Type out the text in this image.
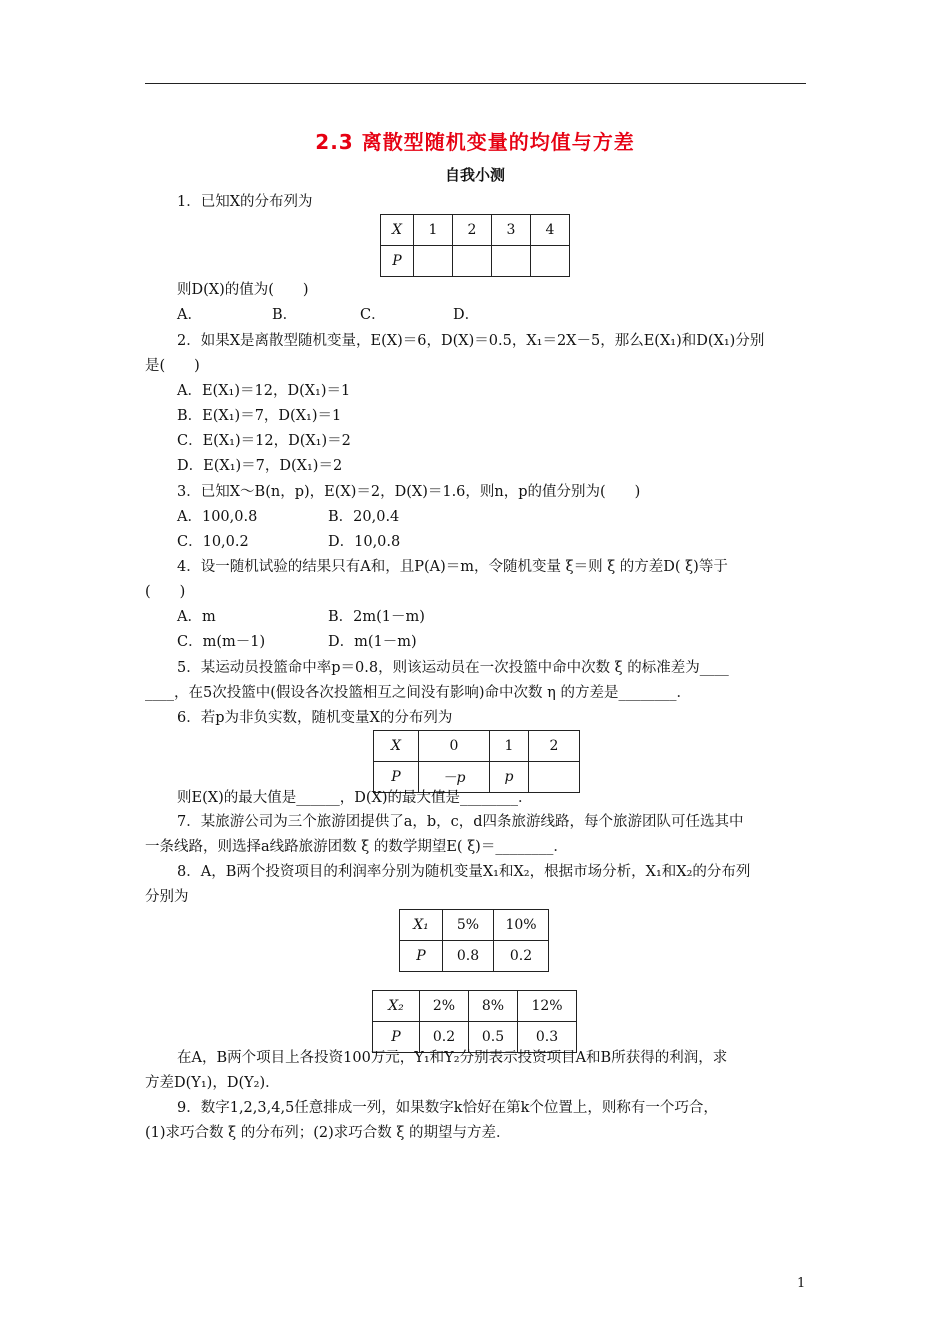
2.3 离散型随机变量的均值与方差
自我小测
1．已知X的分布列为
X	1	2	3	4
P				
则D(X)的值为(　　)
A．	B．	C．	D．
2．如果X是离散型随机变量，E(X)＝6，D(X)＝0.5，X₁＝2X－5，那么E(X₁)和D(X₁)分别
是(　　)
A．E(X₁)＝12，D(X₁)＝1
B．E(X₁)＝7，D(X₁)＝1
C．E(X₁)＝12，D(X₁)＝2
D．E(X₁)＝7，D(X₁)＝2
3．已知X～B(n，p)，E(X)＝2，D(X)＝1.6，则n，p的值分别为(　　)
A．100,0.8	B．20,0.4
C．10,0.2	D．10,0.8
4．设一随机试验的结果只有A和，且P(A)＝m，令随机变量 ξ＝则 ξ 的方差D( ξ)等于
(　　)
A．m	B．2m(1－m)
C．m(m－1)	D．m(1－m)
5．某运动员投篮命中率p＝0.8，则该运动员在一次投篮中命中次数 ξ 的标准差为____
____，在5次投篮中(假设各次投篮相互之间没有影响)命中次数 η 的方差是________．
6．若p为非负实数，随机变量X的分布列为
X	0	1	2
P	－p	p	
则E(X)的最大值是______，D(X)的最大值是________．
7．某旅游公司为三个旅游团提供了a，b，c，d四条旅游线路，每个旅游团队可任选其中
一条线路，则选择a线路旅游团数 ξ 的数学期望E( ξ)＝________．
8．A，B两个投资项目的利润率分别为随机变量X₁和X₂，根据市场分析，X₁和X₂的分布列
分别为
X₁	5%	10%
P	0.8	0.2
X₂	2%	8%	12%
P	0.2	0.5	0.3
在A，B两个项目上各投资100万元，Y₁和Y₂分别表示投资项目A和B所获得的利润，求
方差D(Y₁)，D(Y₂)．
9．数字1,2,3,4,5任意排成一列，如果数字k恰好在第k个位置上，则称有一个巧合，
(1)求巧合数 ξ 的分布列；(2)求巧合数 ξ 的期望与方差．
1
